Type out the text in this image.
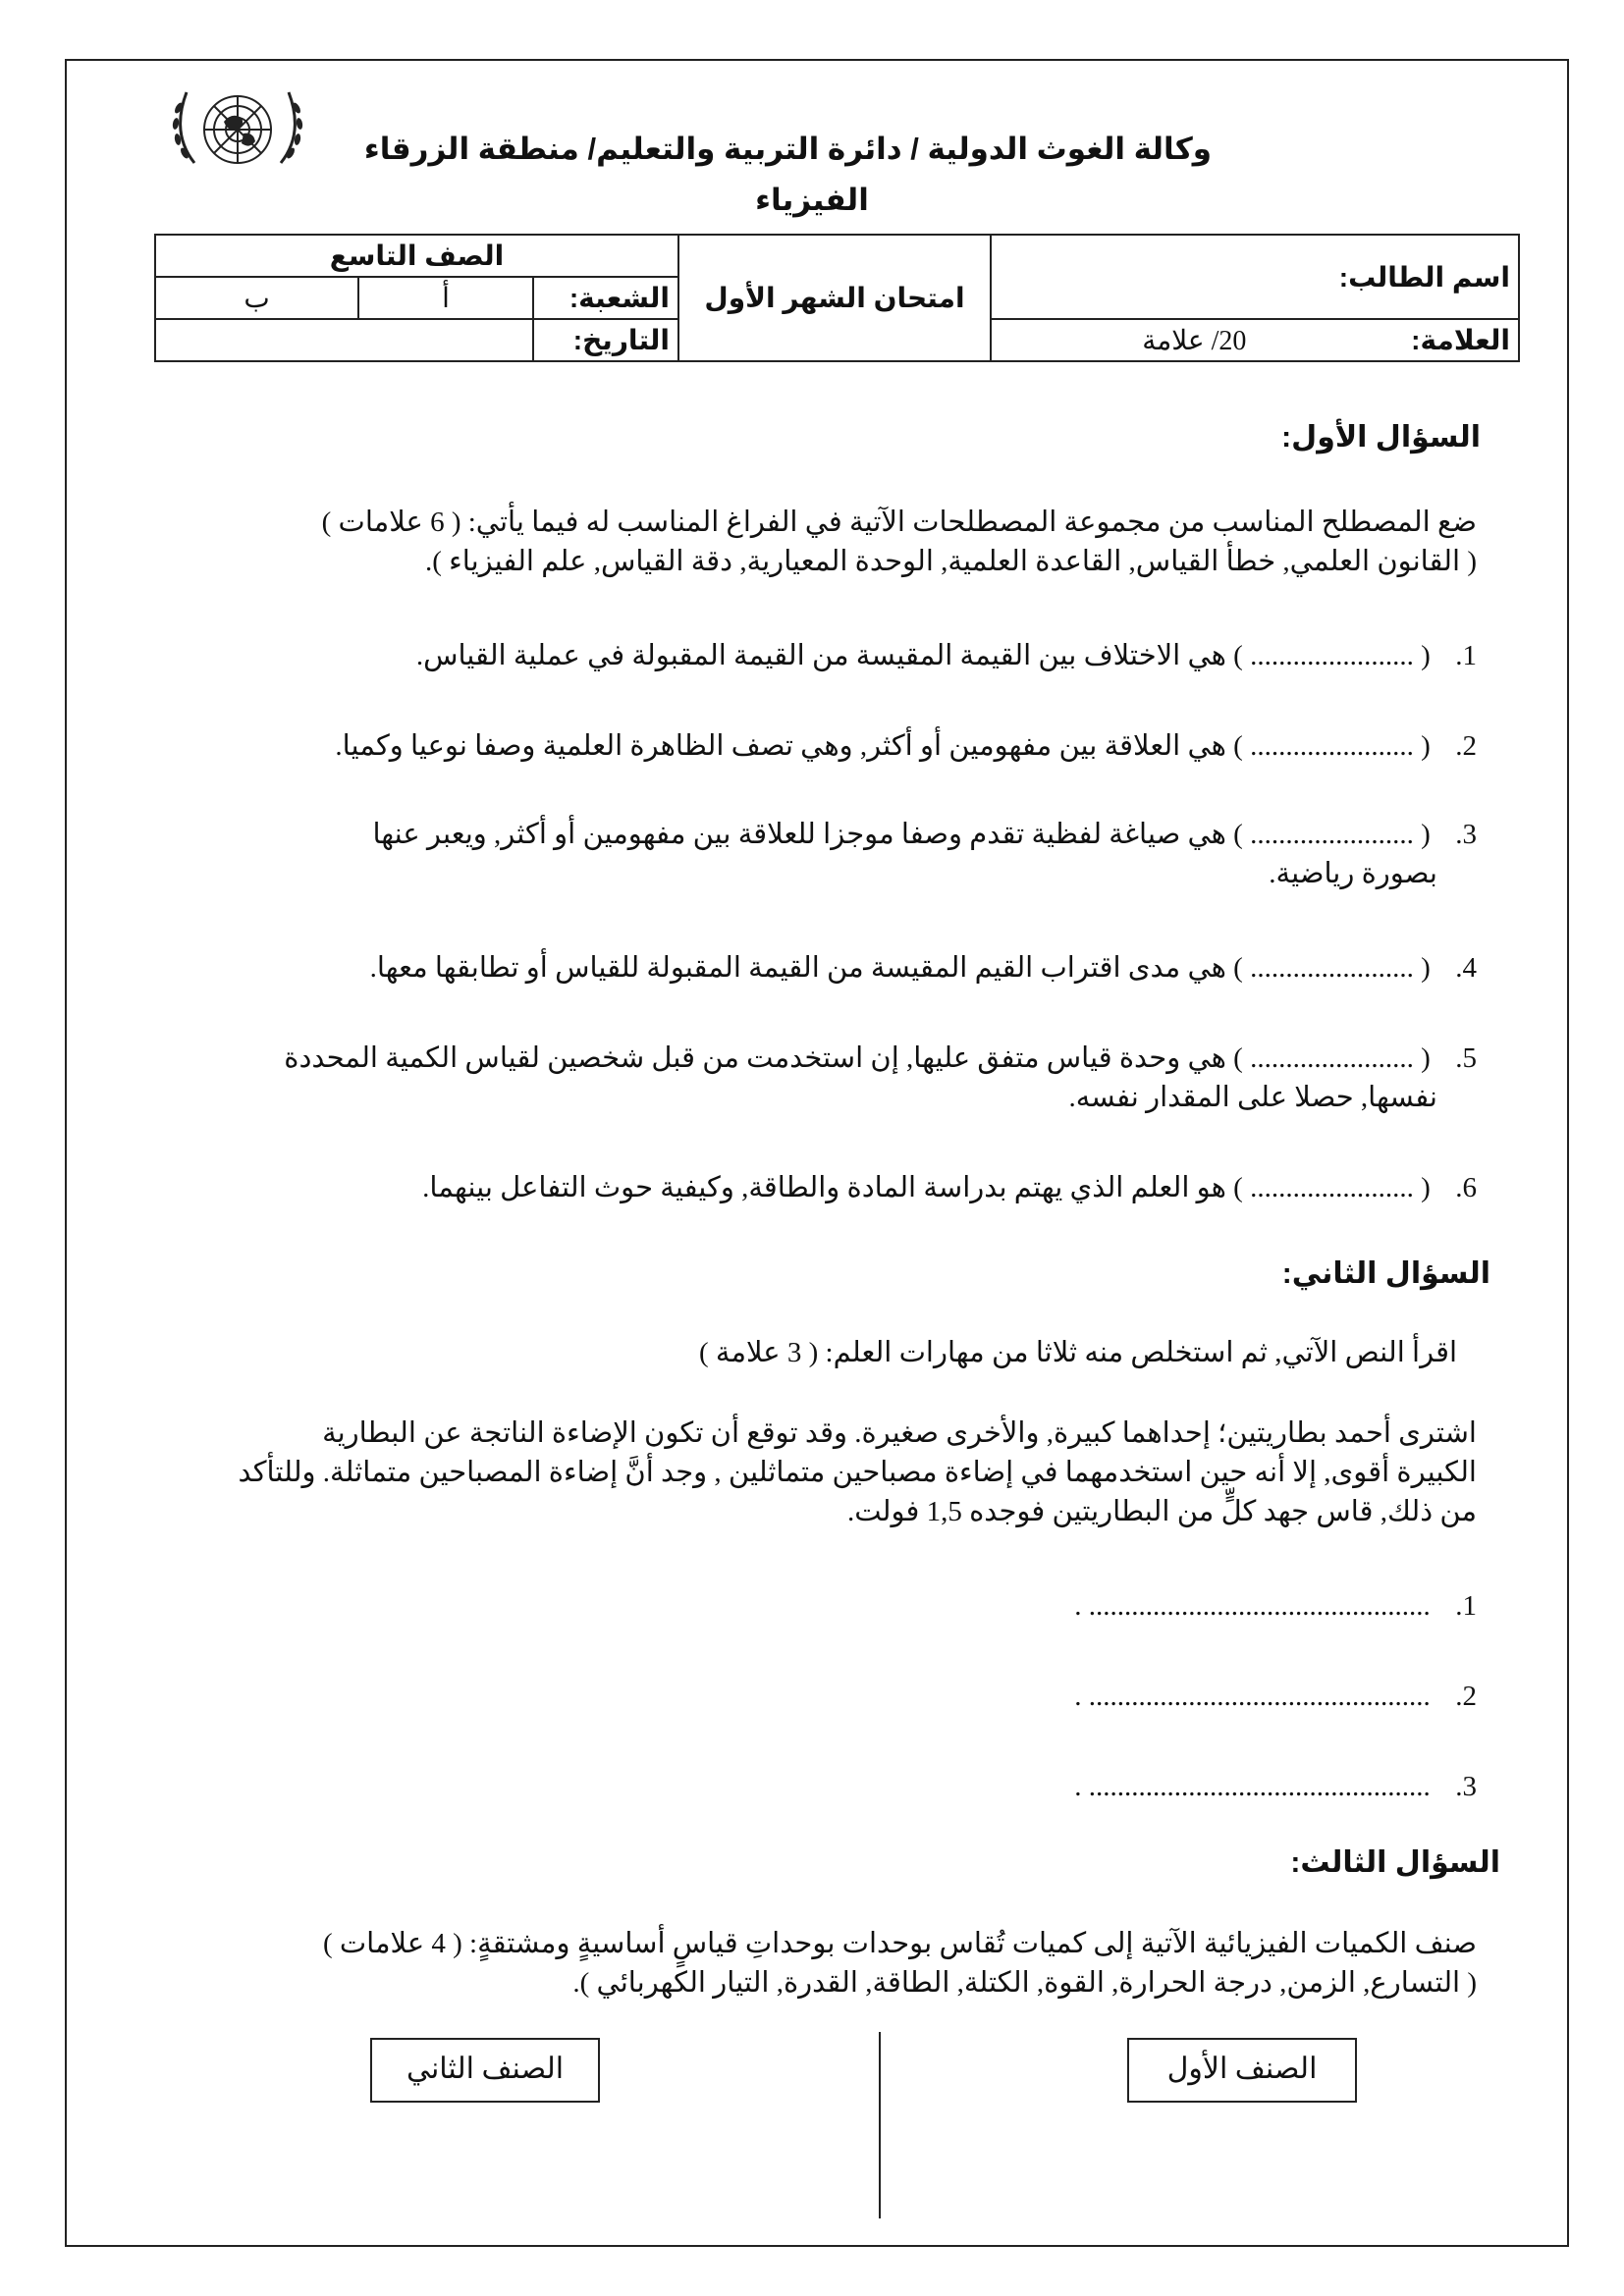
وكالة الغوث الدولية / دائرة التربية والتعليم/ منطقة الزرقاء
الفيزياء
اسم الطالب:	امتحان الشهر الأول	الصف التاسع		
		الشعبة:	أ	ب
العلامة: 20/ علامة		التاريخ:		
السؤال الأول:
ضع المصطلح المناسب من مجموعة المصطلحات الآتية في الفراغ المناسب له فيما يأتي: ( 6 علامات )
( القانون العلمي, خطأ القياس, القاعدة العلمية, الوحدة المعيارية, دقة القياس, علم الفيزياء ).
1. ( ....................... ) هي الاختلاف بين القيمة المقيسة من القيمة المقبولة في عملية القياس.
2. ( ....................... ) هي العلاقة بين مفهومين أو أكثر, وهي تصف الظاهرة العلمية وصفا نوعيا وكميا.
3. ( ....................... ) هي صياغة لفظية تقدم وصفا موجزا للعلاقة بين مفهومين أو أكثر, ويعبر عنها
بصورة رياضية.
4. ( ....................... ) هي مدى اقتراب القيم المقيسة من القيمة المقبولة للقياس أو تطابقها معها.
5. ( ....................... ) هي وحدة قياس متفق عليها, إن استخدمت من قبل شخصين لقياس الكمية المحددة
نفسها, حصلا على المقدار نفسه.
6. ( ....................... ) هو العلم الذي يهتم بدراسة المادة والطاقة, وكيفية حوث التفاعل بينهما.
السؤال الثاني:
اقرأ النص الآتي, ثم استخلص منه ثلاثا من مهارات العلم: ( 3 علامة )
اشترى أحمد بطاريتين؛ إحداهما كبيرة, والأخرى صغيرة. وقد توقع أن تكون الإضاءة الناتجة عن البطارية
الكبيرة أقوى, إلا أنه حين استخدمهما في إضاءة مصباحين متماثلين , وجد أنَّ إضاءة المصباحين متماثلة. وللتأكد
من ذلك, قاس جهد كلٍّ من البطاريتين فوجده 1,5 فولت.
1. ................................................ .
2. ................................................ .
3. ................................................ .
السؤال الثالث:
صنف الكميات الفيزيائية الآتية إلى كميات تُقاس بوحدات بوحداتِ قياسٍ أساسيةٍ ومشتقةٍ: ( 4 علامات )
( التسارع, الزمن, درجة الحرارة, القوة, الكتلة, الطاقة, القدرة, التيار الكهربائي ).
الصنف الأول
الصنف الثاني
